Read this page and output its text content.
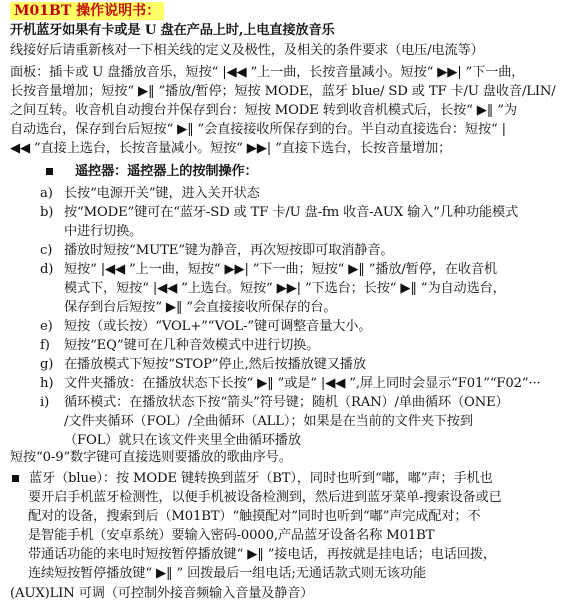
M01BT 操作说明书：
开机蓝牙如果有卡或是 U 盘在产品上时,上电直接放音乐
线接好后请重新核对一下相关线的定义及极性，及相关的条件要求（电压/电流等）
面板：插卡或 U 盘播放音乐，短按“ |◀◀ ”上一曲，长按音量减小。短按“ ▶▶| ”下一曲，
长按音量增加；短按“ ▶‖ ”播放/暂停；短按 MODE，蓝牙 blue/ SD 或 TF 卡/U 盘收音/LIN/
之间互转。收音机自动搜台并保存到台：短按 MODE 转到收音机模式后，长按“ ▶‖ ”为
自动选台，保存到台后短按“ ▶‖ ”会直接接收所保存到的台。半自动直接选台：短按“ |
◀◀ ”直接上选台，长按音量减小。短按“ ▶▶| ”直接下选台，长按音量增加；
遥控器：遥控器上的按制操作：
a) 长按“电源开关”键，进入关开状态
b) 按“MODE”键可在“蓝牙-SD 或 TF 卡/U 盘-fm 收音-AUX 输入”几种功能模式
中进行切换。
c) 播放时短按“MUTE”键为静音，再次短按即可取消静音。
d) 短按“ |◀◀ ”上一曲，短按“ ▶▶| ”下一曲；短按“ ▶‖ ”播放/暂停，在收音机
模式下，短按“ |◀◀ ”上选台。短按“ ▶▶| ”下选台；长按“ ▶‖ ”为自动选台，
保存到台后短按“ ▶‖ ”会直接接收所保存的台。
e) 短按（或长按）“VOL+”“VOL-”键可调整音量大小。
f) 短按“EQ”键可在几种音效模式中进行切换。
g) 在播放模式下短按“STOP”停止,然后按播放键又播放
h) 文件夹播放：在播放状态下长按“ ▶‖ ”或是“ |◀◀ ”,屏上同时会显示“F01”“F02”···
i) 循环模式：在播放状态下按“箭头”符号键；随机（RAN）/单曲循环（ONE）
/文件夹循环（FOL）/全曲循环（ALL）；如果是在当前的文件夹下按到
（FOL）就只在该文件夹里全曲循环播放
短按“0-9”数字键可直接选则要播放的歌曲序号。
蓝牙（blue）：按 MODE 键转换到蓝牙（BT），同时也听到“嘟，嘟”声；手机也
要开启手机蓝牙检测性，以便手机被设备检测到，然后进到蓝牙菜单-搜索设备或已
配对的设备，搜索到后（M01BT）“触摸配对”同时也听到“嘟”声完成配对；不
是智能手机（安卓系统）要输入密码-0000,产品蓝牙设备名称 M01BT
带通话功能的来电时短按暂停播放键“ ▶‖ ”接电话，再按就是挂电话；电话回拨，
连续短按暂停播放键“ ▶‖ ” 回拨最后一组电话;无通话款式则无该功能
(AUX)LIN 可调（可控制外接音频输入音量及静音）
